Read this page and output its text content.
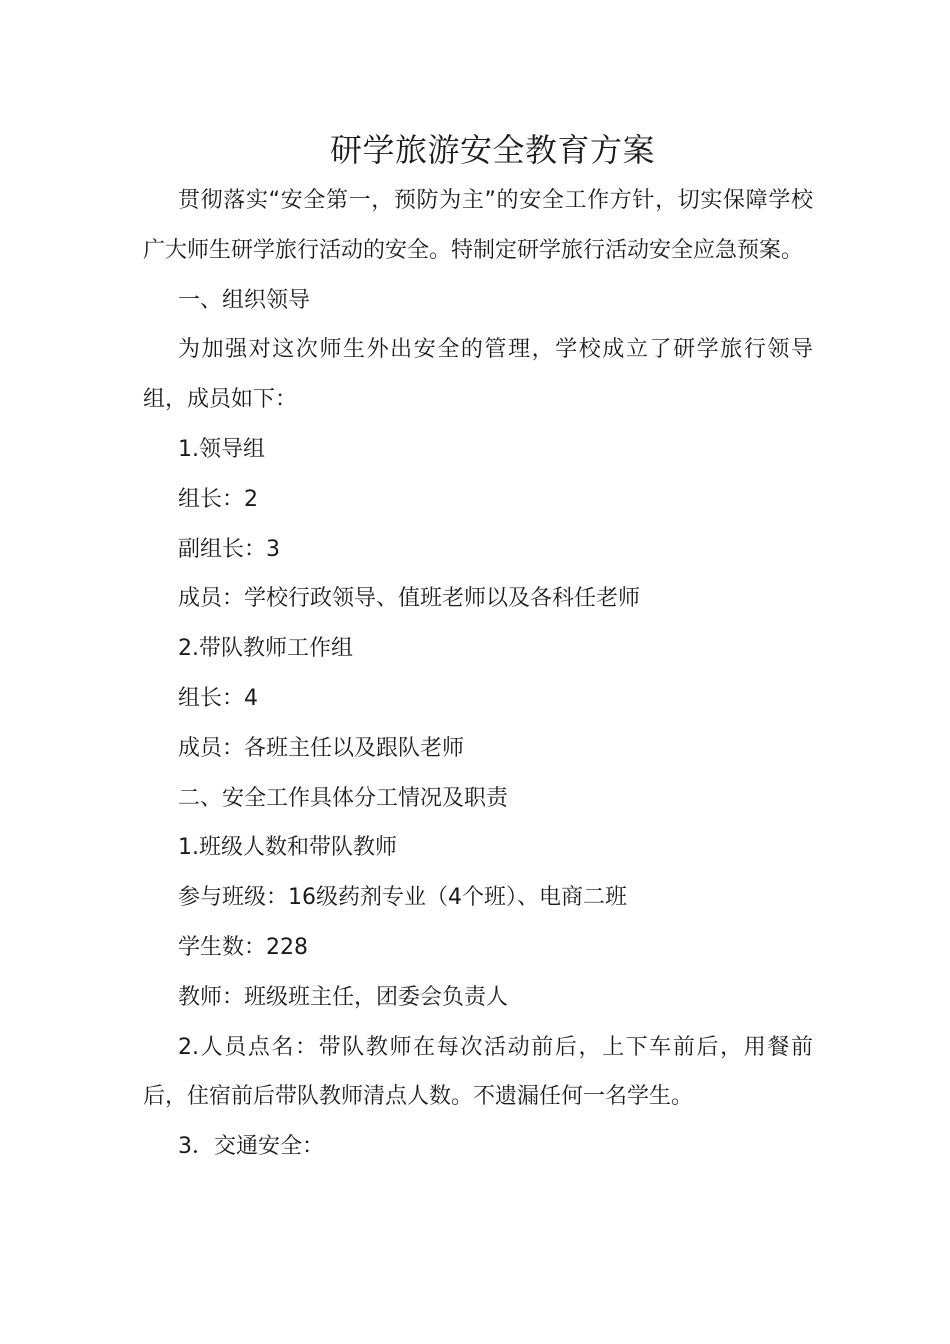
研学旅游安全教育方案

贯彻落实“安全第一，预防为主”的安全工作方针，切实保障学校广大师生研学旅行活动的安全。特制定研学旅行活动安全应急预案。

一、组织领导

为加强对这次师生外出安全的管理，学校成立了研学旅行领导组，成员如下：

1.领导组

组长：2

副组长：3

成员：学校行政领导、值班老师以及各科任老师

2.带队教师工作组

组长：4

成员：各班主任以及跟队老师

二、安全工作具体分工情况及职责

1.班级人数和带队教师

参与班级：16级药剂专业（4个班）、电商二班

学生数：228

教师：班级班主任，团委会负责人

2.人员点名：带队教师在每次活动前后，上下车前后，用餐前后，住宿前后带队教师清点人数。不遗漏任何一名学生。

3．交通安全：
